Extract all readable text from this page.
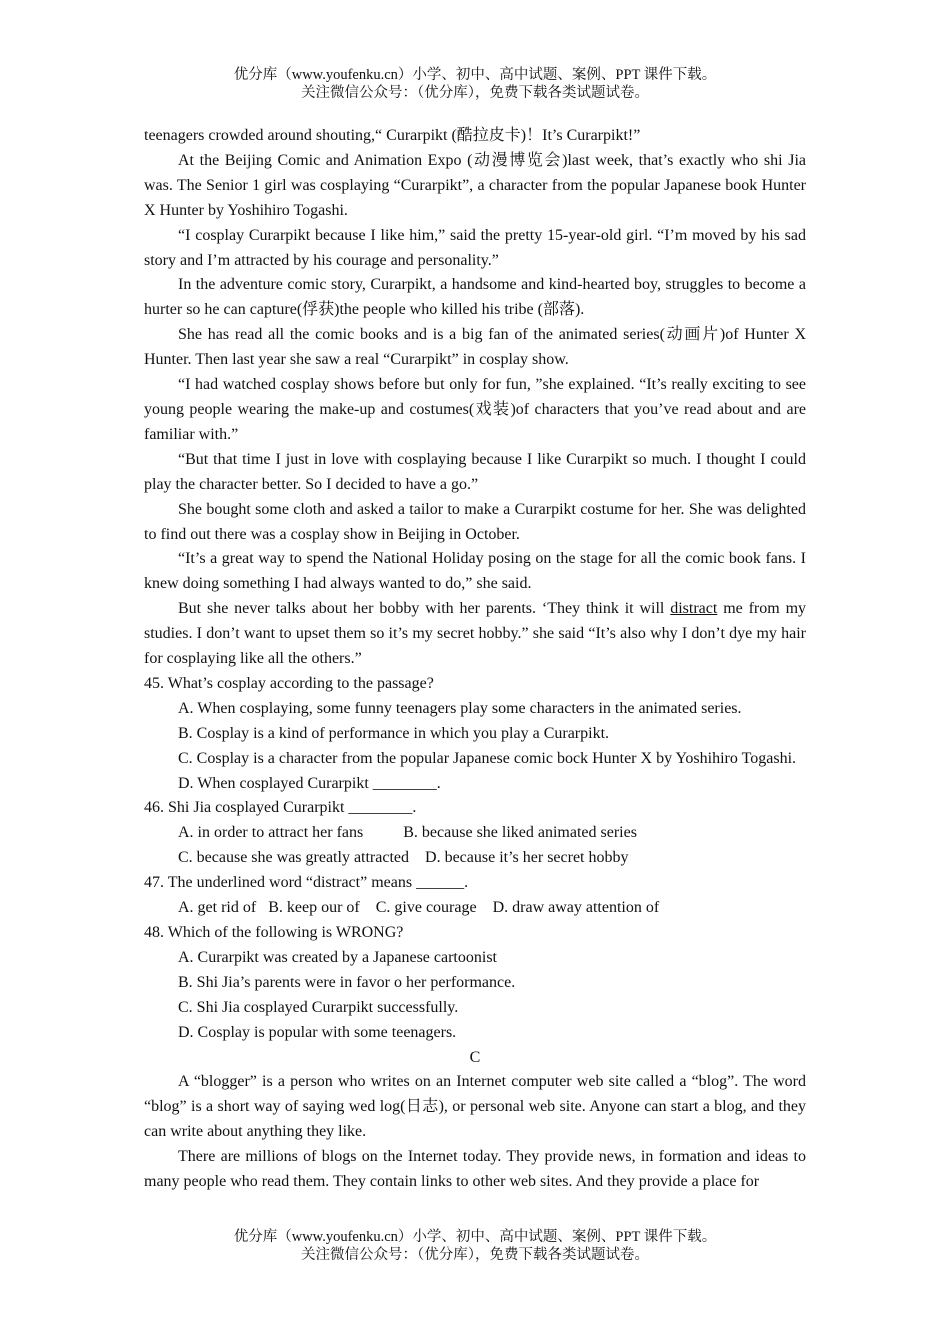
优分库（www.youfenku.cn）小学、初中、高中试题、案例、PPT 课件下载。
关注微信公众号：（优分库），免费下载各类试题试卷。

teenagers crowded around shouting,“ Curarpikt (酷拉皮卡)！It’s Curarpikt!”

At the Beijing Comic and Animation Expo (动漫博览会)last week, that’s exactly who shi Jia was. The Senior 1 girl was cosplaying “Curarpikt”, a character from the popular Japanese book Hunter X Hunter by Yoshihiro Togashi.

“I cosplay Curarpikt because I like him,” said the pretty 15-year-old girl. “I’m moved by his sad story and I’m attracted by his courage and personality.”

In the adventure comic story, Curarpikt, a handsome and kind-hearted boy, struggles to become a hurter so he can capture(俘获)the people who killed his tribe (部落).

She has read all the comic books and is a big fan of the animated series(动画片)of Hunter X Hunter. Then last year she saw a real “Curarpikt” in cosplay show.

“I had watched cosplay shows before but only for fun, ”she explained. “It’s really exciting to see young people wearing the make-up and costumes(戏装)of characters that you’ve read about and are familiar with.”

“But that time I just in love with cosplaying because I like Curarpikt so much. I thought I could play the character better. So I decided to have a go.”

She bought some cloth and asked a tailor to make a Curarpikt costume for her. She was delighted to find out there was a cosplay show in Beijing in October.

“It’s a great way to spend the National Holiday posing on the stage for all the comic book fans. I knew doing something I had always wanted to do,” she said.

But she never talks about her bobby with her parents. ‘They think it will distract me from my studies. I don’t want to upset them so it’s my secret hobby.” she said “It’s also why I don’t dye my hair for cosplaying like all the others.”

45. What’s cosplay according to the passage?

A. When cosplaying, some funny teenagers play some characters in the animated series.

B. Cosplay is a kind of performance in which you play a Curarpikt.

C. Cosplay is a character from the popular Japanese comic bock Hunter X by Yoshihiro Togashi.

D. When cosplayed Curarpikt ________.

46. Shi Jia cosplayed Curarpikt ________.

A. in order to attract her fans          B. because she liked animated series

C. because she was greatly attracted    D. because it’s her secret hobby

47. The underlined word “distract” means ______.

A. get rid of   B. keep our of    C. give courage    D. draw away attention of

48. Which of the following is WRONG?

A. Curarpikt was created by a Japanese cartoonist

B. Shi Jia’s parents were in favor o her performance.

C. Shi Jia cosplayed Curarpikt successfully.

D. Cosplay is popular with some teenagers.

C

A “blogger” is a person who writes on an Internet computer web site called a “blog”. The word “blog” is a short way of saying wed log(日志), or personal web site. Anyone can start a blog, and they can write about anything they like.

There are millions of blogs on the Internet today. They provide news, in formation and ideas to many people who read them. They contain links to other web sites. And they provide a place for

优分库（www.youfenku.cn）小学、初中、高中试题、案例、PPT 课件下载。
关注微信公众号：（优分库），免费下载各类试题试卷。
